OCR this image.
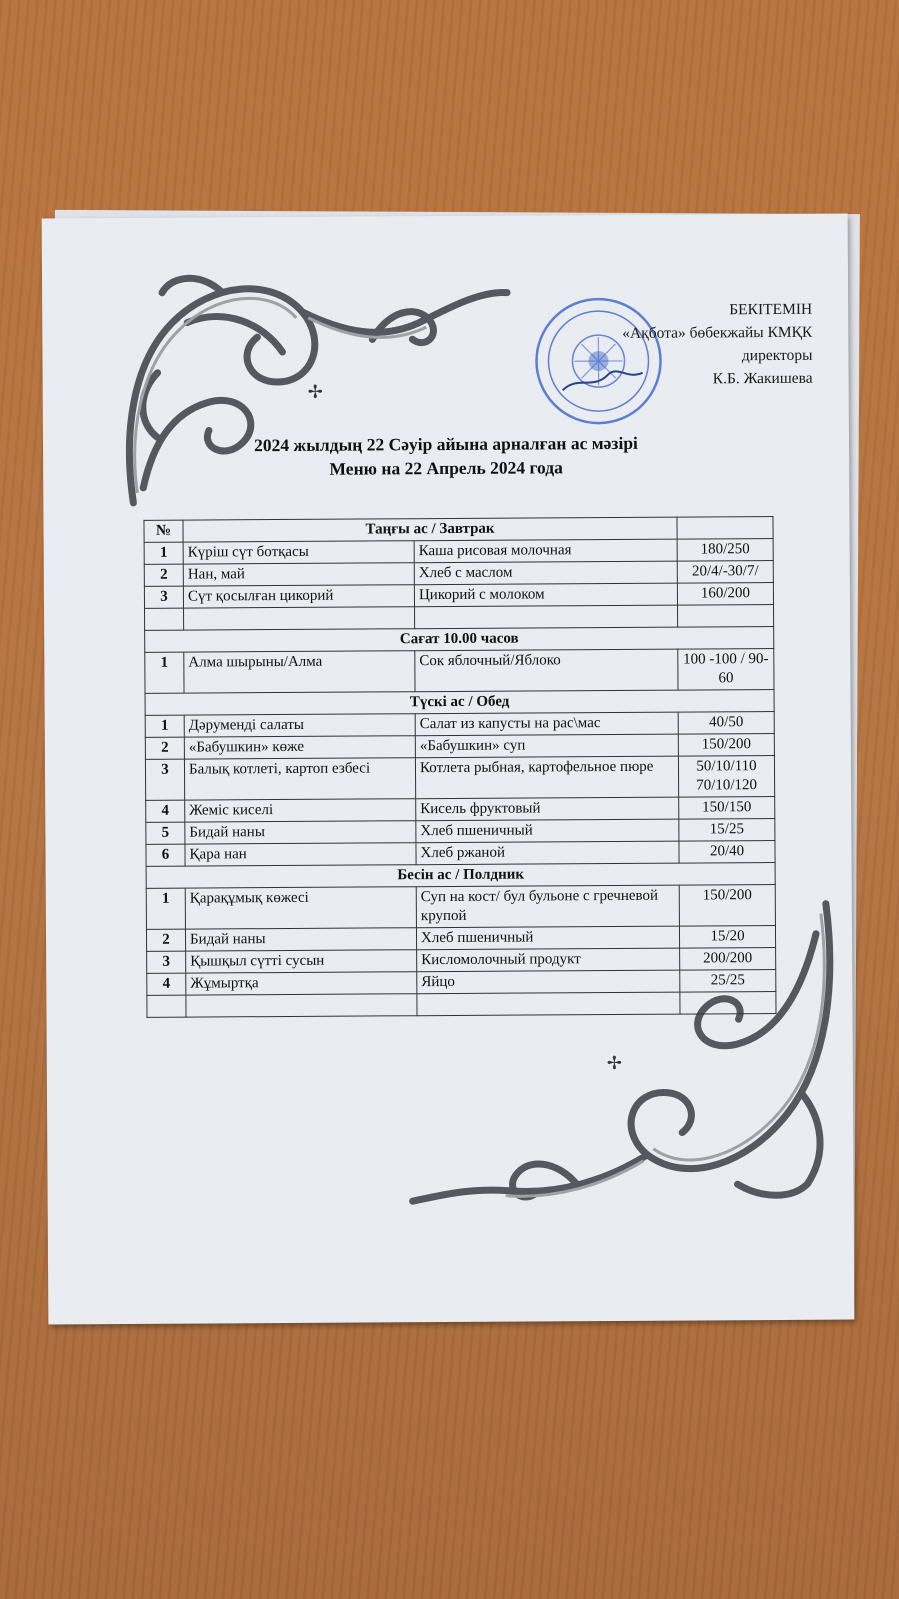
✢
✢
БЕКІТЕМІН
«Ақбота» бөбекжайы КМҚК
директоры
К.Б. Жакишева
2024 жылдың 22 Сәуір айына арналған ас мәзірі
Меню на 22 Апрель 2024 года
№	Таңғы ас / Завтрак		
1	Күріш сүт ботқасы	Каша рисовая молочная	180/250
2	Нан, май	Хлеб с маслом	20/4/-30/7/
3	Сүт қосылған цикорий	Цикорий с молоком	160/200

Сағат 10.00 часов			
1	Алма шырыны/Алма	Сок яблочный/Яблоко	100 -100 / 90-60
Түскі ас / Обед			
1	Дәруменді салаты	Салат из капусты на рас\мас	40/50
2	«Бабушкин» көже	«Бабушкин» суп	150/200
3	Балық котлеті, картоп езбесі	Котлета рыбная, картофельное пюре	50/10/110 70/10/120
4	Жеміс киселі	Кисель фруктовый	150/150
5	Бидай наны	Хлеб пшеничный	15/25
6	Қара нан	Хлеб ржаной	20/40
Бесін ас / Полдник			
1	Қарақұмық көжесі	Суп на кост/ бул бульоне с гречневой крупой	150/200
2	Бидай наны	Хлеб пшеничный	15/20
3	Қышқыл сүтті сусын	Кисломолочный продукт	200/200
4	Жұмыртқа	Яйцо	25/25
